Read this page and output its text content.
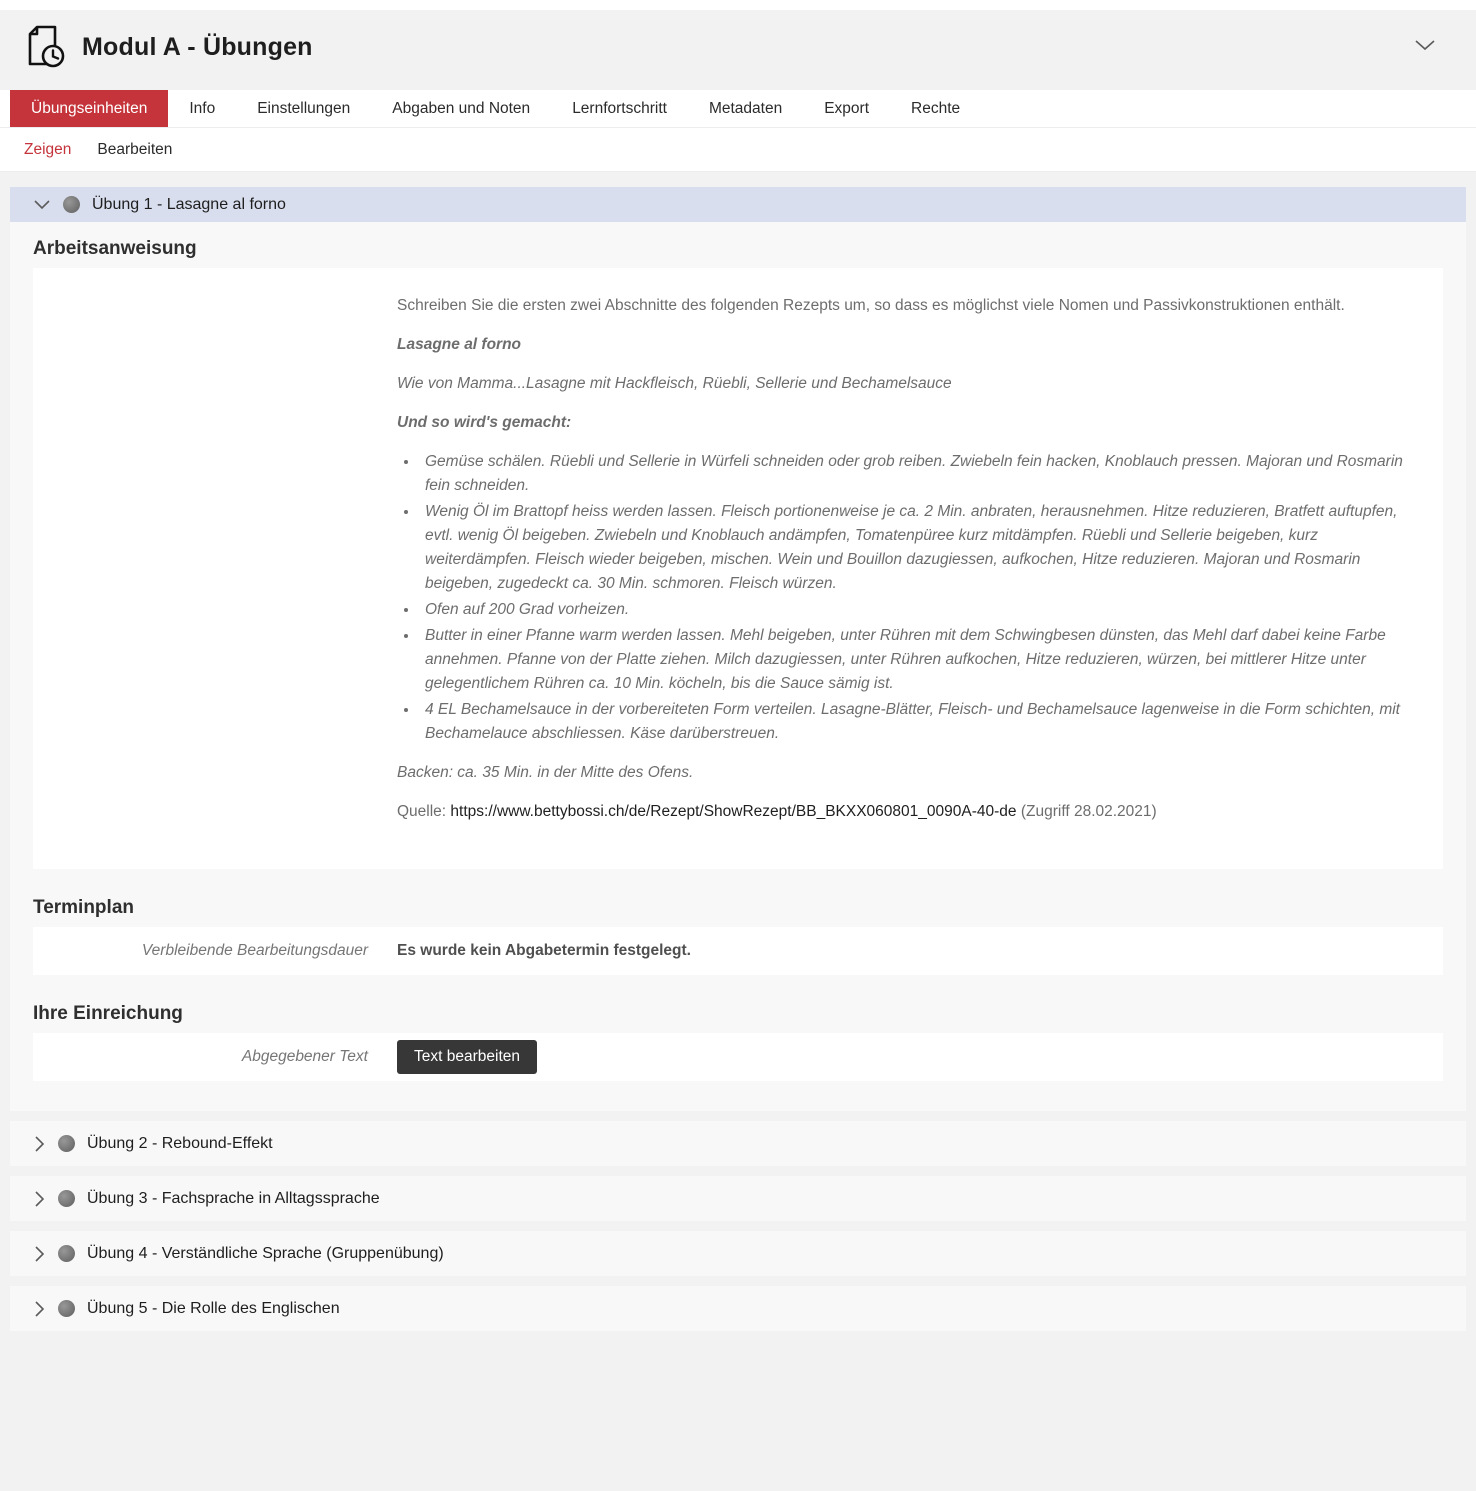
Modul A - Übungen
Übungseinheiten	Info	Einstellungen	Abgaben und Noten	Lernfortschritt	Metadaten	Export	Rechte
Zeigen Bearbeiten
Übung 1 - Lasagne al forno
Arbeitsanweisung

Schreiben Sie die ersten zwei Abschnitte des folgenden Rezepts um, so dass es möglichst viele Nomen und Passivkonstruktionen enthält.

Lasagne al forno

Wie von Mamma...Lasagne mit Hackfleisch, Rüebli, Sellerie und Bechamelsauce

Und so wird's gemacht:

• Gemüse schälen. Rüebli und Sellerie in Würfeli schneiden oder grob reiben. Zwiebeln fein hacken, Knoblauch pressen. Majoran und Rosmarin fein schneiden.
• Wenig Öl im Brattopf heiss werden lassen. Fleisch portionenweise je ca. 2 Min. anbraten, herausnehmen. Hitze reduzieren, Bratfett auftupfen, evtl. wenig Öl beigeben. Zwiebeln und Knoblauch andämpfen, Tomatenpüree kurz mitdämpfen. Rüebli und Sellerie beigeben, kurz weiterdämpfen. Fleisch wieder beigeben, mischen. Wein und Bouillon dazugiessen, aufkochen, Hitze reduzieren. Majoran und Rosmarin beigeben, zugedeckt ca. 30 Min. schmoren. Fleisch würzen.
• Ofen auf 200 Grad vorheizen.
• Butter in einer Pfanne warm werden lassen. Mehl beigeben, unter Rühren mit dem Schwingbesen dünsten, das Mehl darf dabei keine Farbe annehmen. Pfanne von der Platte ziehen. Milch dazugiessen, unter Rühren aufkochen, Hitze reduzieren, würzen, bei mittlerer Hitze unter gelegentlichem Rühren ca. 10 Min. köcheln, bis die Sauce sämig ist.
• 4 EL Bechamelsauce in der vorbereiteten Form verteilen. Lasagne-Blätter, Fleisch- und Bechamelsauce lagenweise in die Form schichten, mit Bechamelauce abschliessen. Käse darüberstreuen.

Backen: ca. 35 Min. in der Mitte des Ofens.

Quelle: https://www.bettybossi.ch/de/Rezept/ShowRezept/BB_BKXX060801_0090A-40-de (Zugriff 28.02.2021)

Terminplan
Verbleibende Bearbeitungsdauer Es wurde kein Abgabetermin festgelegt.
Ihre Einreichung
Abgegebener Text	Text bearbeiten
Übung 2 - Rebound-Effekt
Übung 3 - Fachsprache in Alltagssprache
Übung 4 - Verständliche Sprache (Gruppenübung)
Übung 5 - Die Rolle des Englischen
